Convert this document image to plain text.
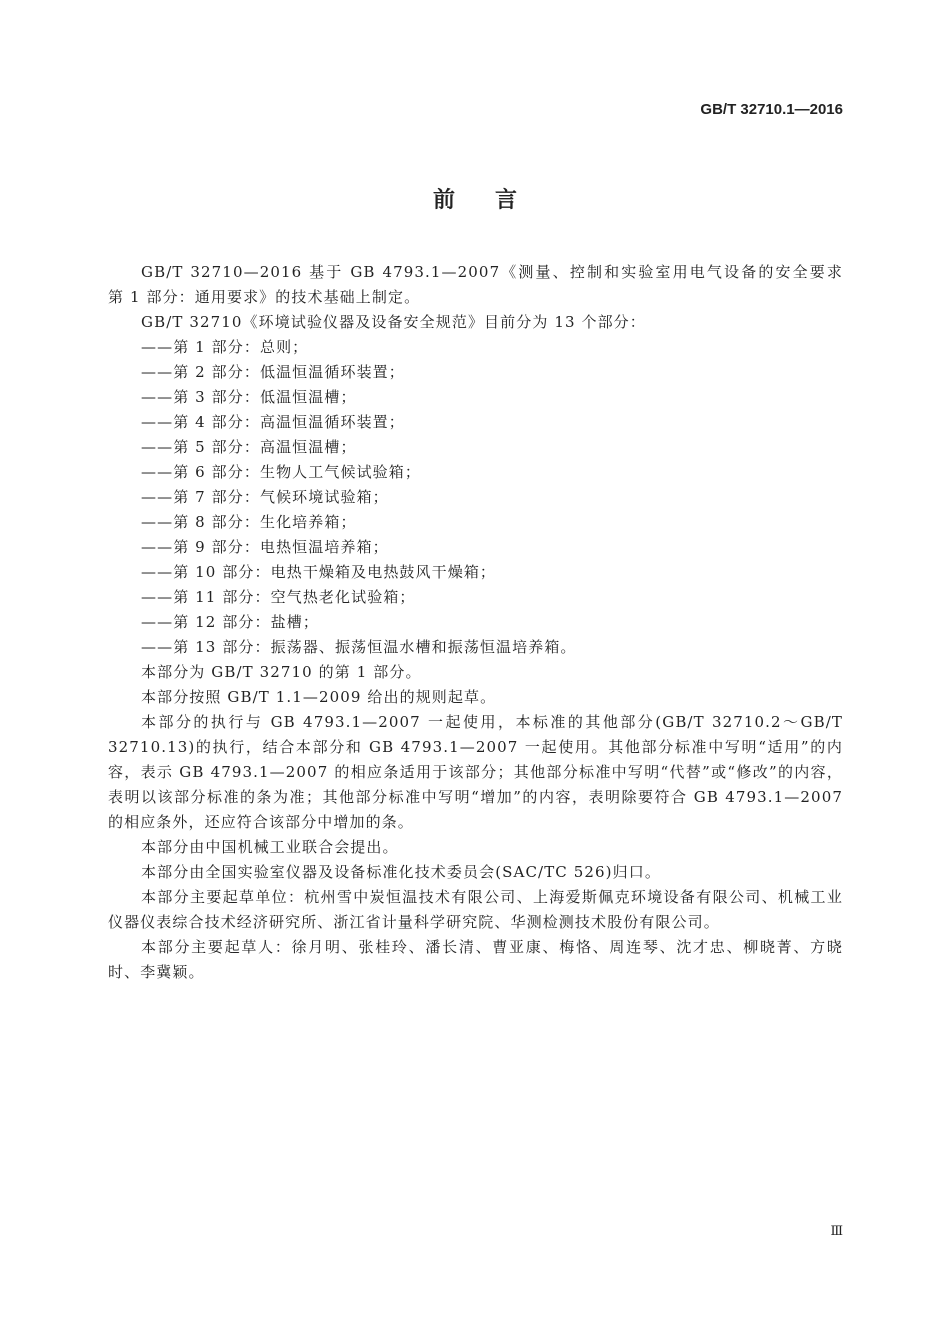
GB/T 32710.1—2016
前言

GB/T 32710—2016 基于 GB 4793.1—2007《测量、控制和实验室用电气设备的安全要求　第 1 部分：通用要求》的技术基础上制定。

GB/T 32710《环境试验仪器及设备安全规范》目前分为 13 个部分：

——第 1 部分：总则；

——第 2 部分：低温恒温循环装置；

——第 3 部分：低温恒温槽；

——第 4 部分：高温恒温循环装置；

——第 5 部分：高温恒温槽；

——第 6 部分：生物人工气候试验箱；

——第 7 部分：气候环境试验箱；

——第 8 部分：生化培养箱；

——第 9 部分：电热恒温培养箱；

——第 10 部分：电热干燥箱及电热鼓风干燥箱；

——第 11 部分：空气热老化试验箱；

——第 12 部分：盐槽；

——第 13 部分：振荡器、振荡恒温水槽和振荡恒温培养箱。

本部分为 GB/T 32710 的第 1 部分。

本部分按照 GB/T 1.1—2009 给出的规则起草。

本部分的执行与 GB 4793.1—2007 一起使用，本标准的其他部分(GB/T 32710.2～GB/T 32710.13)的执行，结合本部分和 GB 4793.1—2007 一起使用。其他部分标准中写明“适用”的内容，表示 GB 4793.1—2007 的相应条适用于该部分；其他部分标准中写明“代替”或“修改”的内容，表明以该部分标准的条为准；其他部分标准中写明“增加”的内容，表明除要符合 GB 4793.1—2007 的相应条外，还应符合该部分中增加的条。

本部分由中国机械工业联合会提出。

本部分由全国实验室仪器及设备标准化技术委员会(SAC/TC 526)归口。

本部分主要起草单位：杭州雪中炭恒温技术有限公司、上海爱斯佩克环境设备有限公司、机械工业仪器仪表综合技术经济研究所、浙江省计量科学研究院、华测检测技术股份有限公司。

本部分主要起草人：徐月明、张桂玲、潘长清、曹亚康、梅恪、周连琴、沈才忠、柳晓菁、方晓时、李冀颖。

Ⅲ
